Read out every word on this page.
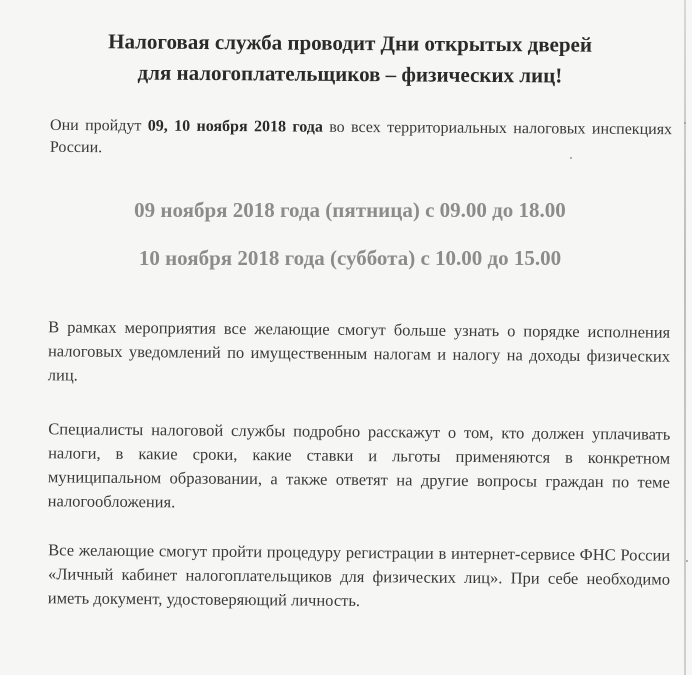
Налоговая служба проводит Дни открытых дверей
для налогоплательщиков – физических лиц!
Они пройдут 09, 10 ноября 2018 года во всех территориальных налоговых инспекциях России.
09 ноября 2018 года (пятница) с 09.00 до 18.00
10 ноября 2018 года (суббота) с 10.00 до 15.00
В рамках мероприятия все желающие смогут больше узнать о порядке исполнения налоговых уведомлений по имущественным налогам и налогу на доходы физических лиц.
Специалисты налоговой службы подробно расскажут о том, кто должен уплачивать налоги, в какие сроки, какие ставки и льготы применяются в конкретном муниципальном образовании, а также ответят на другие вопросы граждан по теме налогообложения.
Все желающие смогут пройти процедуру регистрации в интернет-сервисе ФНС России «Личный кабинет налогоплательщиков для физических лиц». При себе необходимо иметь документ, удостоверяющий личность.
